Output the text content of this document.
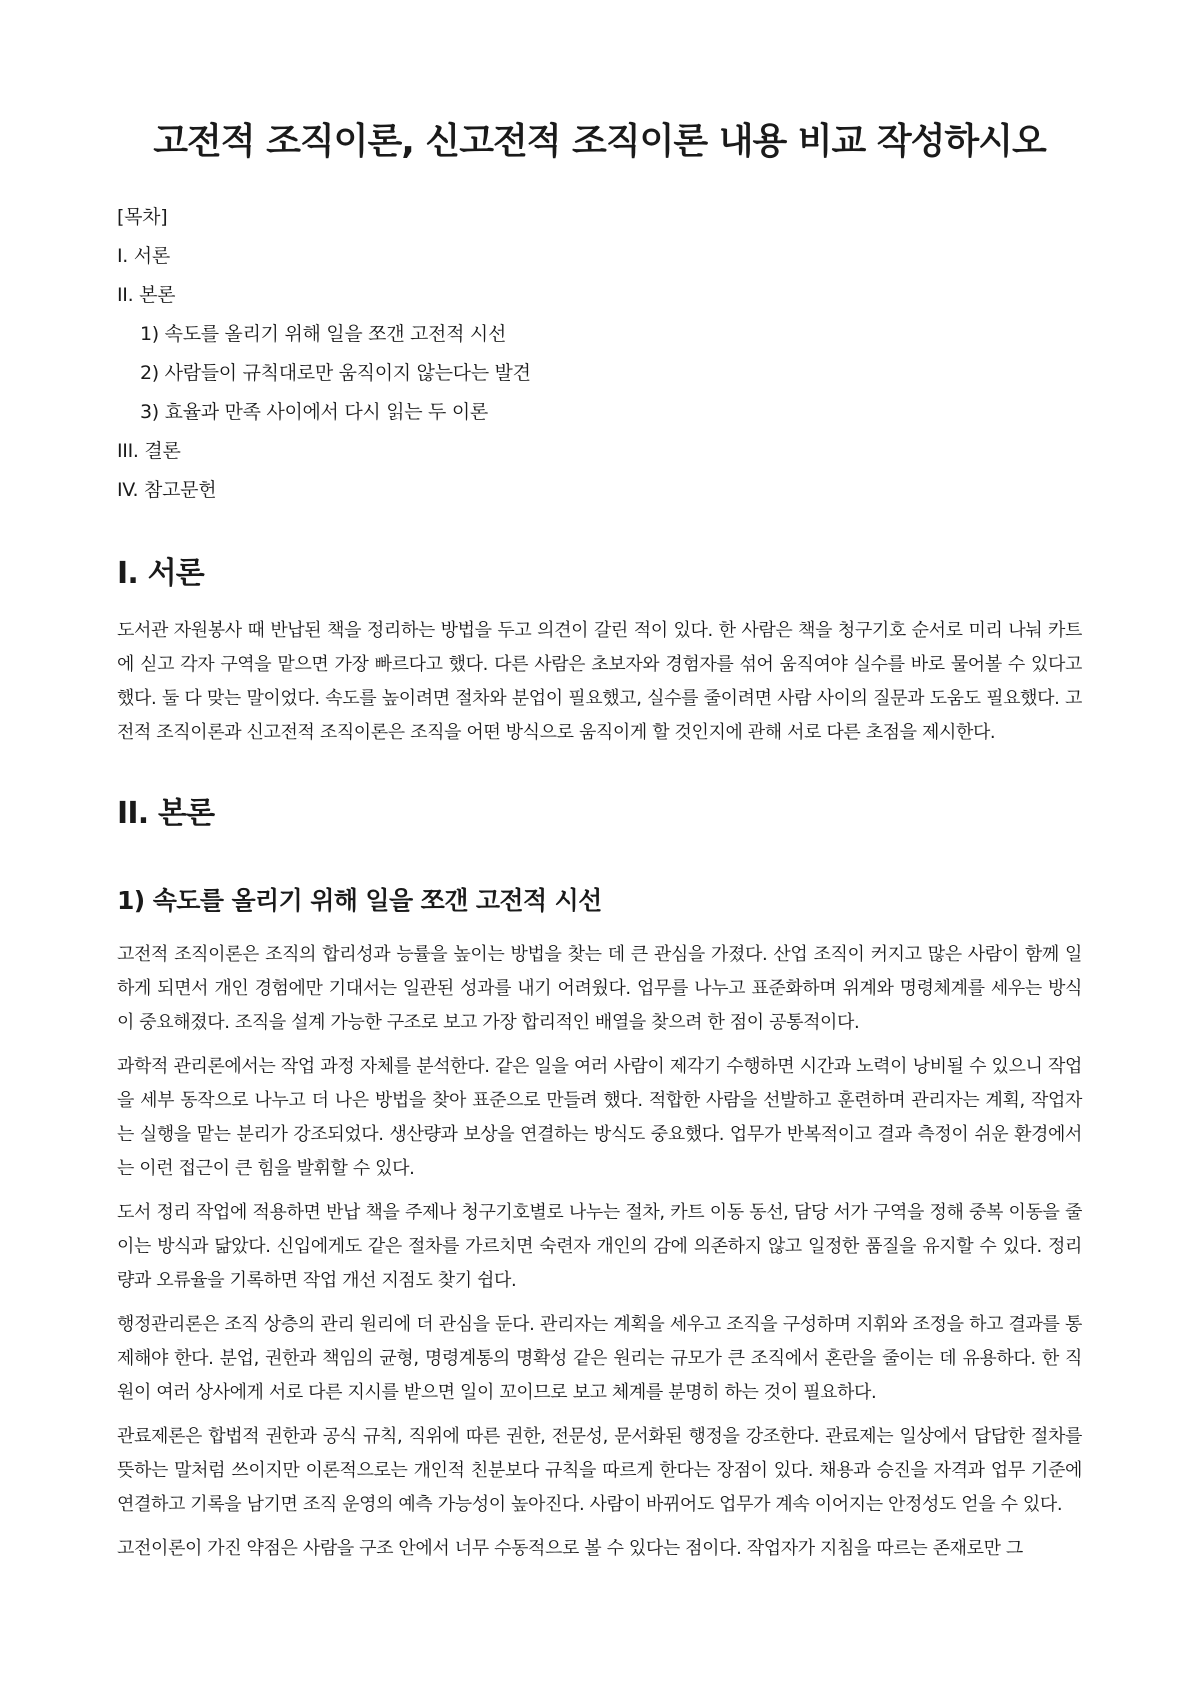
고전적 조직이론, 신고전적 조직이론 내용 비교 작성하시오
[목차]
I. 서론
II. 본론
1) 속도를 올리기 위해 일을 쪼갠 고전적 시선
2) 사람들이 규칙대로만 움직이지 않는다는 발견
3) 효율과 만족 사이에서 다시 읽는 두 이론
III. 결론
IV. 참고문헌
I. 서론

도서관 자원봉사 때 반납된 책을 정리하는 방법을 두고 의견이 갈린 적이 있다. 한 사람은 책을 청구기호 순서로 미리 나눠 카트에 싣고 각자 구역을 맡으면 가장 빠르다고 했다. 다른 사람은 초보자와 경험자를 섞어 움직여야 실수를 바로 물어볼 수 있다고 했다. 둘 다 맞는 말이었다. 속도를 높이려면 절차와 분업이 필요했고, 실수를 줄이려면 사람 사이의 질문과 도움도 필요했다. 고전적 조직이론과 신고전적 조직이론은 조직을 어떤 방식으로 움직이게 할 것인지에 관해 서로 다른 초점을 제시한다.

II. 본론
1) 속도를 올리기 위해 일을 쪼갠 고전적 시선

고전적 조직이론은 조직의 합리성과 능률을 높이는 방법을 찾는 데 큰 관심을 가졌다. 산업 조직이 커지고 많은 사람이 함께 일하게 되면서 개인 경험에만 기대서는 일관된 성과를 내기 어려웠다. 업무를 나누고 표준화하며 위계와 명령체계를 세우는 방식이 중요해졌다. 조직을 설계 가능한 구조로 보고 가장 합리적인 배열을 찾으려 한 점이 공통적이다.

과학적 관리론에서는 작업 과정 자체를 분석한다. 같은 일을 여러 사람이 제각기 수행하면 시간과 노력이 낭비될 수 있으니 작업을 세부 동작으로 나누고 더 나은 방법을 찾아 표준으로 만들려 했다. 적합한 사람을 선발하고 훈련하며 관리자는 계획, 작업자는 실행을 맡는 분리가 강조되었다. 생산량과 보상을 연결하는 방식도 중요했다. 업무가 반복적이고 결과 측정이 쉬운 환경에서는 이런 접근이 큰 힘을 발휘할 수 있다.

도서 정리 작업에 적용하면 반납 책을 주제나 청구기호별로 나누는 절차, 카트 이동 동선, 담당 서가 구역을 정해 중복 이동을 줄이는 방식과 닮았다. 신입에게도 같은 절차를 가르치면 숙련자 개인의 감에 의존하지 않고 일정한 품질을 유지할 수 있다. 정리량과 오류율을 기록하면 작업 개선 지점도 찾기 쉽다.

행정관리론은 조직 상층의 관리 원리에 더 관심을 둔다. 관리자는 계획을 세우고 조직을 구성하며 지휘와 조정을 하고 결과를 통제해야 한다. 분업, 권한과 책임의 균형, 명령계통의 명확성 같은 원리는 규모가 큰 조직에서 혼란을 줄이는 데 유용하다. 한 직원이 여러 상사에게 서로 다른 지시를 받으면 일이 꼬이므로 보고 체계를 분명히 하는 것이 필요하다.

관료제론은 합법적 권한과 공식 규칙, 직위에 따른 권한, 전문성, 문서화된 행정을 강조한다. 관료제는 일상에서 답답한 절차를 뜻하는 말처럼 쓰이지만 이론적으로는 개인적 친분보다 규칙을 따르게 한다는 장점이 있다. 채용과 승진을 자격과 업무 기준에 연결하고 기록을 남기면 조직 운영의 예측 가능성이 높아진다. 사람이 바뀌어도 업무가 계속 이어지는 안정성도 얻을 수 있다.

고전이론이 가진 약점은 사람을 구조 안에서 너무 수동적으로 볼 수 있다는 점이다. 작업자가 지침을 따르는 존재로만 그
